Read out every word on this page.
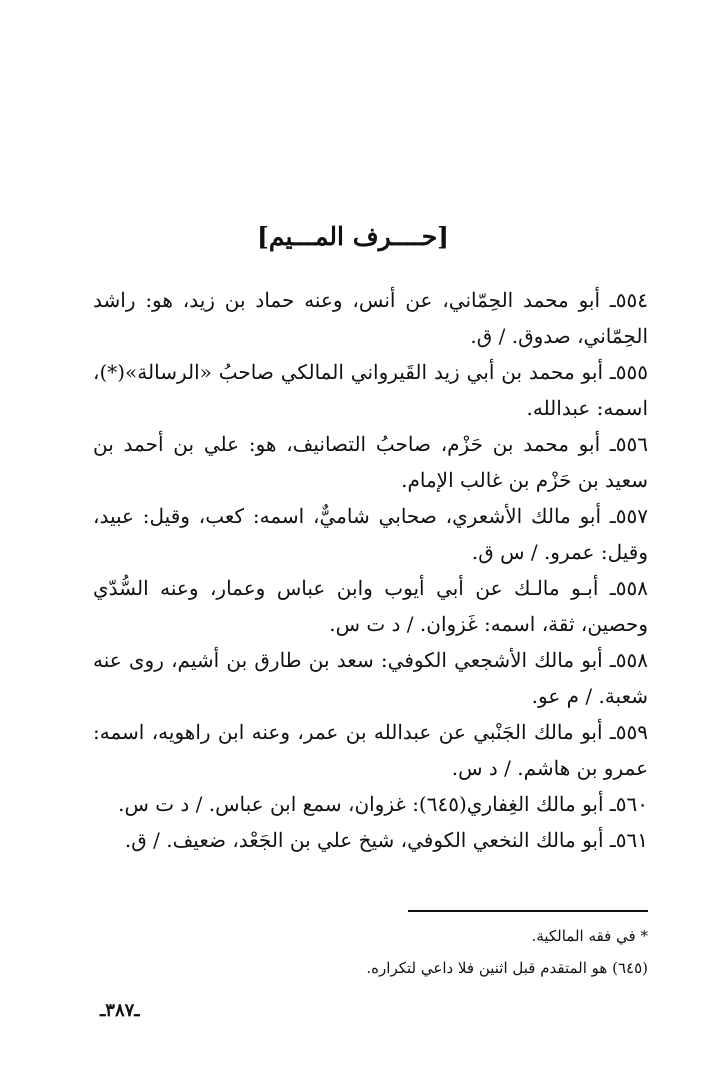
[حــــرف المـــيم]

٥٥٤ـ أبو محمد الحِمّاني، عن أنس، وعنه حماد بن زيد، هو: راشد الحِمّاني، صدوق. / ق.

٥٥٥ـ أبو محمد بن أبي زيد القَيرواني المالكي صاحبُ «الرسالة»(*)، اسمه: عبدالله.

٥٥٦ـ أبو محمد بن حَزْم، صاحبُ التصانيف، هو: علي بن أحمد بن سعيد بن حَزْم بن غالب الإمام.

٥٥٧ـ أبو مالك الأشعري، صحابي شاميٌّ، اسمه: كعب، وقيل: عبيد، وقيل: عمرو. / س ق.

٥٥٨ـ أبـو مالـك عن أبي أيوب وابن عباس وعمار، وعنه السُّدّي وحصين، ثقة، اسمه: غَزوان. / د ت س.

٥٥٨ـ أبو مالك الأشجعي الكوفي: سعد بن طارق بن أشيم، روى عنه شعبة. / م عو.

٥٥٩ـ أبو مالك الجَنْبي عن عبدالله بن عمر، وعنه ابن راهويه، اسمه: عمرو بن هاشم. / د س.

٥٦٠ـ أبو مالك الغِفاري(٦٤٥): غزوان، سمع ابن عباس. / د ت س.

٥٦١ـ أبو مالك النخعي الكوفي، شيخ علي بن الجَعْد، ضعيف. / ق.

* في فقه المالكية.

(٦٤٥) هو المتقدم قبل اثنين فلا داعي لتكراره.

ـ٣٨٧ـ
